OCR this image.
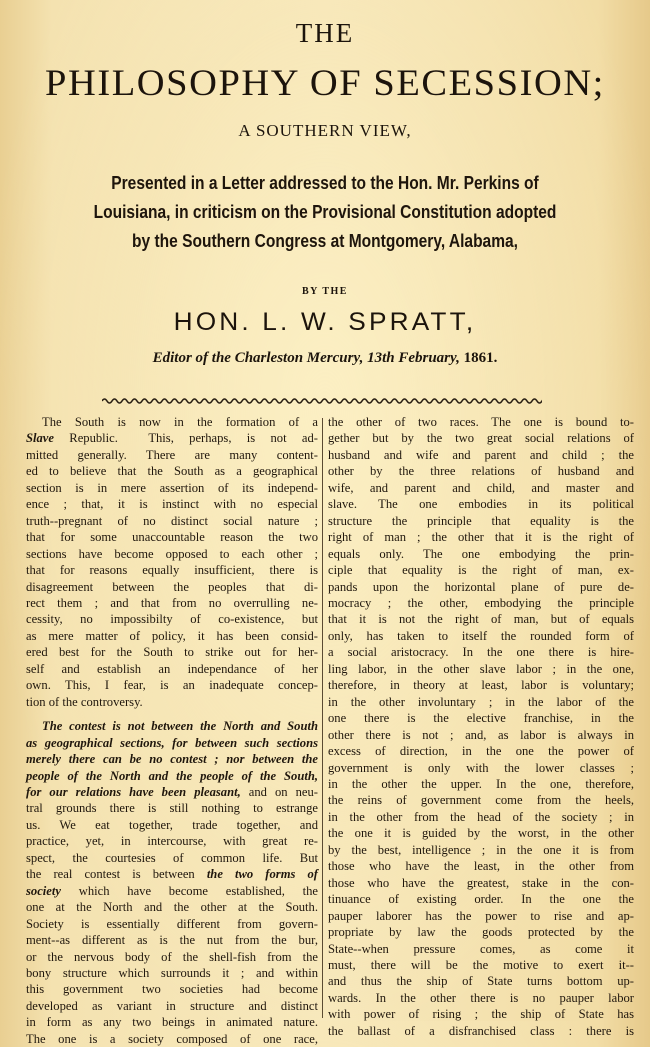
THE
PHILOSOPHY OF SECESSION;
A SOUTHERN VIEW,
Presented in a Letter addressed to the Hon. Mr. Perkins of
Louisiana, in criticism on the Provisional Constitution adopted
by the Southern Congress at Montgomery, Alabama,
BY THE
HON. L. W. SPRATT,
Editor of the Charleston Mercury, 13th February, 1861.

The South is now in the formation of a
Slave Republic.  This, perhaps, is not ad-
mitted generally. There are many content-
ed to believe that the South as a geographical
section is in mere assertion of its independ-
ence ; that, it is instinct with no especial
truth--pregnant of no distinct social nature ;
that for some unaccountable reason the two
sections have become opposed to each other ;
that for reasons equally insufficient, there is
disagreement between the peoples that di-
rect them ; and that from no overrulling ne-
cessity, no impossibilty of co-existence, but
as mere matter of policy, it has been consid-
ered best for the South to strike out for her-
self and establish an independance of her
own. This, I fear, is an inadequate concep-
tion of the controversy.

The contest is not between the North and South
as geographical sections, for between such sections
merely there can be no contest ; nor between the
people of the North and the people of the South,
for our relations have been pleasant, and on neu-
tral grounds there is still nothing to estrange
us. We eat together, trade together, and
practice, yet, in intercourse, with great re-
spect, the courtesies of common life. But
the real contest is between the two forms of
society which have become established, the
one at the North and the other at the South.
Society is essentially different from govern-
ment--as different as is the nut from the bur,
or the nervous body of the shell-fish from the
bony structure which surrounds it ; and within
this government two societies had become
developed as variant in structure and distinct
in form as any two beings in animated nature.
The one is a society composed of one race,

the other of two races. The one is bound to-
gether but by the two great social relations of
husband and wife and parent and child ; the
other by the three relations of husband and
wife, and parent and child, and master and
slave. The one embodies in its political
structure the principle that equality is the
right of man ; the other that it is the right of
equals only. The one embodying the prin-
ciple that equality is the right of man, ex-
pands upon the horizontal plane of pure de-
mocracy ; the other, embodying the principle
that it is not the right of man, but of equals
only, has taken to itself the rounded form of
a social aristocracy. In the one there is hire-
ling labor, in the other slave labor ; in the one,
therefore, in theory at least, labor is voluntary;
in the other involuntary ; in the labor of the
one there is the elective franchise, in the
other there is not ; and, as labor is always in
excess of direction, in the one the power of
government is only with the lower classes ;
in the other the upper. In the one, therefore,
the reins of government come from the heels,
in the other from the head of the society ; in
the one it is guided by the worst, in the other
by the best, intelligence ; in the one it is from
those who have the least, in the other from
those who have the greatest, stake in the con-
tinuance of existing order. In the one the
pauper laborer has the power to rise and ap-
propriate by law the goods protected by the
State--when pressure comes, as come it
must, there will be the motive to exert it--
and thus the ship of State turns bottom up-
wards. In the other there is no pauper labor
with power of rising ; the ship of State has
the ballast of a disfranchised class : there is
